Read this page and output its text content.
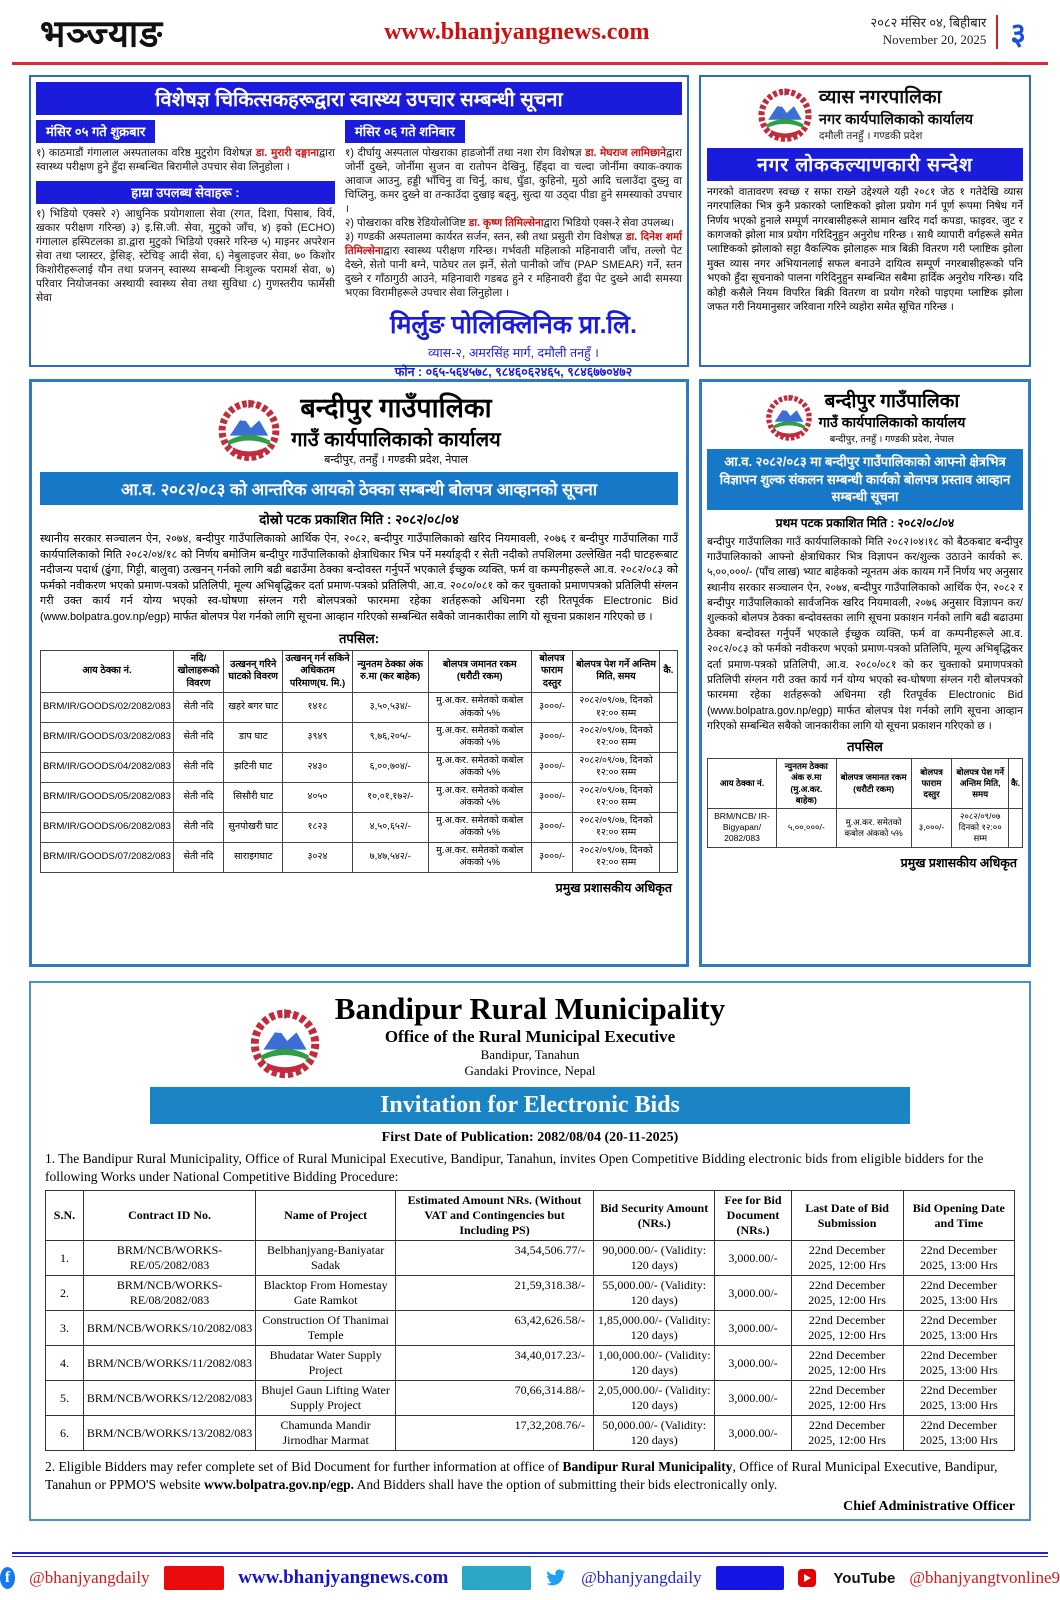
भञ्ज्याङ	www.bhanjyangnews.com	२०८२ मंसिर ०४, बिहीबार
November 20, 2025 ३
विशेषज्ञ चिकित्सकहरूद्वारा स्वास्थ्य उपचार सम्बन्धी सूचना
मंसिर ०५ गते शुक्रबार
१) काठमाडौं गंगालाल अस्पतालका वरिष्ठ मुटुरोग विशेषज्ञ डा. मुरारी दङ्गानाद्वारा स्वास्थ्य परीक्षण हुने हुँदा सम्बन्धित बिरामीले उपचार सेवा लिनुहोला ।
हाम्रा उपलब्ध सेवाहरू :
१) भिडियो एक्सरे २) आधुनिक प्रयोगशाला सेवा (रगत, दिशा, पिसाब, विर्य, खकार परीक्षण गरिन्छ) ३) इ.सि.जी. सेवा, मुटुको जाँच, ४) इको (ECHO) गंगालाल हस्पिटलका डा.द्वारा मुटुको भिडियो एक्सरे गरिन्छ ५) माइनर अपरेशन सेवा तथा प्लास्टर, ड्रेसिङ्, स्टेचिङ् आदी सेवा, ६) नेबुलाइजर सेवा, ७० किशोर किशोरीहरूलाई यौन तथा प्रजनन् स्वास्थ्य सम्बन्धी निःशुल्क परामर्श सेवा, ७) परिवार नियोजनका अस्थायी स्वास्थ्य सेवा तथा सुविधा ८) गुणस्तरीय फार्मेसी सेवा
मंसिर ०६ गते शनिबार
१) दीर्घायु अस्पताल पोखराका हाडजोर्नी तथा नशा रोग विशेषज्ञ डा. मेघराज लामिछानेद्वारा जोर्नी दुख्ने, जोर्नीमा सुजन वा रातोपन देखिनु, हिँड्दा वा चल्दा जोर्नीमा क्याक-क्याक आवाज आउनु, हड्डी भाँचिनु वा चिर्नु, काध, घुँडा, कुहिनो, मुठो आदि चलाउँदा दुख्नु वा चिप्लिनु, कमर दुख्ने वा तन्काउँदा दुखाइ बढ्नु, सुत्दा या उठ्दा पीडा हुने समस्याको उपचार ।
२) पोखराका वरिष्ठ रेडियोलोजिष्ट डा. कृष्ण तिमिल्सेनाद्वारा भिडियो एक्स-रे सेवा उपलब्ध।
३) गण्डकी अस्पतालमा कार्यरत सर्जन, स्तन, स्त्री तथा प्रसुती रोग विशेषज्ञ डा. दिनेश शर्मा तिमिल्सेनाद्वारा स्वास्थ्य परीक्षण गरिन्छ। गर्भवती महिलाको महिनावारी जाँच, तल्लो पेट देख्ने, सेतो पानी बग्ने, पाठेघर तल झर्ने, सेतो पानीको जाँच (PAP SMEAR) गर्ने, स्तन दुख्ने र गाँठागुठी आउने, महिनावारी गडबढ हुने र महिनावरी हुँदा पेट दुख्ने आदी समस्या भएका विरामीहरूले उपचार सेवा लिनुहोला ।
मिर्लुङ पोलिक्लिनिक प्रा.लि.
व्यास-२, अमरसिंह मार्ग, दमौली तनहुँ ।
फोन : ०६५-५६४५७८, ९८४६०६२४६५, ९८४६७७०४७२
व्यास नगरपालिका
नगर कार्यपालिकाको कार्यालय
दमौली तनहुँ । गण्डकी प्रदेश
नगर लोककल्याणकारी सन्देश
नगरको वातावरण स्वच्छ र सफा राख्ने उद्देश्यले यही २०८१ जेठ १ गतेदेखि व्यास नगरपालिका भित्र कुनै प्रकारको प्लाष्टिकको झोला प्रयोग गर्न पूर्ण रूपमा निषेध गर्ने निर्णय भएको हुनाले सम्पूर्ण नगरबासीहरूले सामान खरिद गर्दा कपडा, फाइवर, जुट र कागजको झोला मात्र प्रयोग गरिदिनुहुन अनुरोध गरिन्छ । साथै व्यापारी वर्गहरूले समेत प्लाष्टिकको झोलाको सट्टा वैकल्पिक झोलाहरू मात्र बिक्री वितरण गरी प्लाष्टिक झोला मुक्त व्यास नगर अभियानलाई सफल बनाउने दायित्व सम्पूर्ण नगरबासीहरूको पनि भएको हुँदा सूचनाको पालना गरिदिनुहुन सम्बन्धित सबैमा हार्दिक अनुरोध गरिन्छ। यदि कोही कसैले नियम विपरित बिक्री वितरण वा प्रयोग गरेको पाइएमा प्लाष्टिक झोला जफत गरी नियमानुसार जरिवाना गरिने व्यहोरा समेत सूचित गरिन्छ ।
बन्दीपुर गाउँपालिका
गाउँ कार्यपालिकाको कार्यालय
बन्दीपुर, तनहुँ । गण्डकी प्रदेश, नेपाल
आ.व. २०८२/०८३ को आन्तरिक आयको ठेक्का सम्बन्धी बोलपत्र आव्हानको सूचना
दोस्रो पटक प्रकाशित मिति : २०८२/०८/०४
स्थानीय सरकार सञ्चालन ऐन, २०७४, बन्दीपुर गाउँपालिकाको आर्थिक ऐन, २०८२, बन्दीपुर गाउँपालिकाको खरिद नियमावली, २०७६ र बन्दीपुर गाउँपालिका गाउँ कार्यपालिकाको मिति २०८२/०४/१८ को निर्णय बमोजिम बन्दीपुर गाउँपालिकाको क्षेत्राधिकार भित्र पर्ने मर्स्याङ्दी र सेती नदीको तपशिलमा उल्लेखित नदी घाटहरूबाट नदीजन्य पदार्थ (ढुंगा, गिट्टी, बालुवा) उत्खनन् गर्नको लागि बढी बढाउँमा ठेक्का बन्दोवस्त गर्नुपर्ने भएकाले ईच्छुक व्यक्ति, फर्म वा कम्पनीहरूले आ.व. २०८२/०८३ को फर्मको नवीकरण भएको प्रमाण-पत्रको प्रतिलिपी, मूल्य अभिबृद्धिकर दर्ता प्रमाण-पत्रको प्रतिलिपी, आ.व. २०८०/०८१ को कर चुक्ताको प्रमाणपत्रको प्रतिलिपी संग्लन गरी उक्त कार्य गर्न योग्य भएको स्व-घोषणा संग्लन गरी बोलपत्रको फारममा रहेका शर्तहरूको अधिनमा रही रितपूर्वक Electronic Bid (www.bolpatra.gov.np/egp) मार्फत बोलपत्र पेश गर्नको लागि सूचना आव्हान गरिएको सम्बन्धित सबैको जानकारीका लागि यो सूचना प्रकाशन गरिएको छ ।
तपसिल:
आय ठेक्का नं.	नदि/ खोलाहरूको विवरण	उत्खनन् गरिने घाटको विवरण	उत्खनन् गर्न सकिने अधिकतम परिमाण(घ. मि.)	न्युनतम ठेक्का अंक रु.मा (कर बाहेक)	बोलपत्र जमानत रकम (धरौटी रकम)	बोलपत्र फाराम दस्तुर	बोलपत्र पेश गर्ने अन्तिम मिति, समय	कै.
BRM/IR/GOODS/02/2082/083	सेती नदि	खहरे बगर घाट	१४१८	३,५०,५३४/-	मु.अ.कर. समेतको कबोल अंकको ५%	३०००/-	२०८२/०९/०७, दिनको १२:०० सम्म	
BRM/IR/GOODS/03/2082/083	सेती नदि	डाप घाट	३९४९	९,७६,२०५/-	मु.अ.कर. समेतको कबोल अंकको ५%	३०००/-	२०८२/०९/०७, दिनको १२:०० सम्म	
BRM/IR/GOODS/04/2082/083	सेती नदि	झटिनी घाट	२४३०	६,००,७०४/-	मु.अ.कर. समेतको कबोल अंकको ५%	३०००/-	२०८२/०९/०७, दिनको १२:०० सम्म	
BRM/IR/GOODS/05/2082/083	सेती नदि	सिसौरी घाट	४०५०	१०,०१,१७२/-	मु.अ.कर. समेतको कबोल अंकको ५%	३०००/-	२०८२/०९/०७, दिनको १२:०० सम्म	
BRM/IR/GOODS/06/2082/083	सेती नदि	सुनपोखरी घाट	१८२३	४,५०,६५२/-	मु.अ.कर. समेतको कबोल अंकको ५%	३०००/-	२०८२/०९/०७, दिनको १२:०० सम्म	
BRM/IR/GOODS/07/2082/083	सेती नदि	साराइगघाट	३०२४	७,४७,५४२/-	मु.अ.कर. समेतको कबोल अंकको ५%	३०००/-	२०८२/०९/०७, दिनको १२:०० सम्म	
प्रमुख प्रशासकीय अधिकृत
बन्दीपुर गाउँपालिका
गाउँ कार्यपालिकाको कार्यालय
बन्दीपुर, तनहुँ । गण्डकी प्रदेश, नेपाल
आ.व. २०८२/०८३ मा बन्दीपुर गाउँपालिकाको आफ्नो क्षेत्रभित्र विज्ञापन शुल्क संकलन सम्बन्धी कार्यको बोलपत्र प्रस्ताव आव्हान सम्बन्धी सूचना
प्रथम पटक प्रकाशित मिति : २०८२/०८/०४
बन्दीपुर गाउँपालिका गाउँ कार्यपालिकाको मिति २०८२।०४।१८ को बैठकबाट बन्दीपुर गाउँपालिकाको आफ्नो क्षेत्राधिकार भित्र विज्ञापन कर/शुल्क उठाउने कार्यको रू. ५,००,०००/- (पाँच लाख) भ्याट बाहेकको न्यूनतम अंक कायम गर्ने निर्णय भए अनुसार स्थानीय सरकार सञ्चालन ऐन, २०७४, बन्दीपुर गाउँपालिकाको आर्थिक ऐन, २०८२ र बन्दीपुर गाउँपालिकाको सार्वजनिक खरिद नियमावली, २०७६ अनुसार विज्ञापन कर/शुल्कको बोलपत्र ठेक्का बन्दोवस्तका लागि सूचना प्रकाशन गर्नको लागि बढी बढाउमा ठेक्का बन्दोवस्त गर्नुपर्ने भएकाले ईच्छुक व्यक्ति, फर्म वा कम्पनीहरूले आ.व. २०८२/०८३ को फर्मको नवीकरण भएको प्रमाण-पत्रको प्रतिलिपि, मूल्य अभिबृद्धिकर दर्ता प्रमाण-पत्रको प्रतिलिपी, आ.व. २०८०/०८१ को कर चुक्ताको प्रमाणपत्रको प्रतिलिपी संग्लन गरी उक्त कार्य गर्न योग्य भएको स्व-घोषणा संग्लन गरी बोलपत्रको फारममा रहेका शर्तहरूको अधिनमा रही रितपूर्वक Electronic Bid (www.bolpatra.gov.np/egp) मार्फत बोलपत्र पेश गर्नको लागि सूचना आव्हान गरिएको सम्बन्धित सबैको जानकारीका लागि यो सूचना प्रकाशन गरिएको छ ।
तपसिल
आय ठेक्का नं.	न्युनतम ठेक्का अंक रु.मा (मु.अ.कर. बाहेक)	बोलपत्र जमानत रकम (धरौटी रकम)	बोलपत्र फाराम दस्तुर	बोलपत्र पेश गर्ने अन्तिम मिति, समय	कै.
BRM/NCB/ IR-Bigyapan/ 2082/083	५,००,०००/-	मु.अ.कर. समेतको कबोल अंकको ५%	३,०००/-	२०८२/०९/०७ दिनको १२:०० सम्म	
प्रमुख प्रशासकीय अधिकृत
Bandipur Rural Municipality
Office of the Rural Municipal Executive
Bandipur, Tanahun
Gandaki Province, Nepal
Invitation for Electronic Bids
First Date of Publication: 2082/08/04 (20-11-2025)
1. The Bandipur Rural Municipality, Office of Rural Municipal Executive, Bandipur, Tanahun, invites Open Competitive Bidding electronic bids from eligible bidders for the following Works under National Competitive Bidding Procedure:
S.N.	Contract ID No.	Name of Project	Estimated Amount NRs. (Without VAT and Contingencies but Including PS)	Bid Security Amount (NRs.)	Fee for Bid Document (NRs.)	Last Date of Bid Submission	Bid Opening Date and Time
1.	BRM/NCB/WORKS-RE/05/2082/083	Belbhanjyang-Baniyatar Sadak	34,54,506.77/-	90,000.00/- (Validity: 120 days)	3,000.00/-	22nd December 2025, 12:00 Hrs	22nd December 2025, 13:00 Hrs
2.	BRM/NCB/WORKS-RE/08/2082/083	Blacktop From Homestay Gate Ramkot	21,59,318.38/-	55,000.00/- (Validity: 120 days)	3,000.00/-	22nd December 2025, 12:00 Hrs	22nd December 2025, 13:00 Hrs
3.	BRM/NCB/WORKS/10/2082/083	Construction Of Thanimai Temple	63,42,626.58/-	1,85,000.00/- (Validity: 120 days)	3,000.00/-	22nd December 2025, 12:00 Hrs	22nd December 2025, 13:00 Hrs
4.	BRM/NCB/WORKS/11/2082/083	Bhudatar Water Supply Project	34,40,017.23/-	1,00,000.00/- (Validity: 120 days)	3,000.00/-	22nd December 2025, 12:00 Hrs	22nd December 2025, 13:00 Hrs
5.	BRM/NCB/WORKS/12/2082/083	Bhujel Gaun Lifting Water Supply Project	70,66,314.88/-	2,05,000.00/- (Validity: 120 days)	3,000.00/-	22nd December 2025, 12:00 Hrs	22nd December 2025, 13:00 Hrs
6.	BRM/NCB/WORKS/13/2082/083	Chamunda Mandir Jirnodhar Marmat	17,32,208.76/-	50,000.00/- (Validity: 120 days)	3,000.00/-	22nd December 2025, 12:00 Hrs	22nd December 2025, 13:00 Hrs
2. Eligible Bidders may refer complete set of Bid Document for further information at office of Bandipur Rural Municipality, Office of Rural Municipal Executive, Bandipur, Tanahun or PPMO'S website www.bolpatra.gov.np/egp. And Bidders shall have the option of submitting their bids electronically only.
Chief Administrative Officer
f @bhanjyangdaily	www.bhanjyangnews.com	@bhanjyangdaily	YouTube @bhanjyangtvonline9
